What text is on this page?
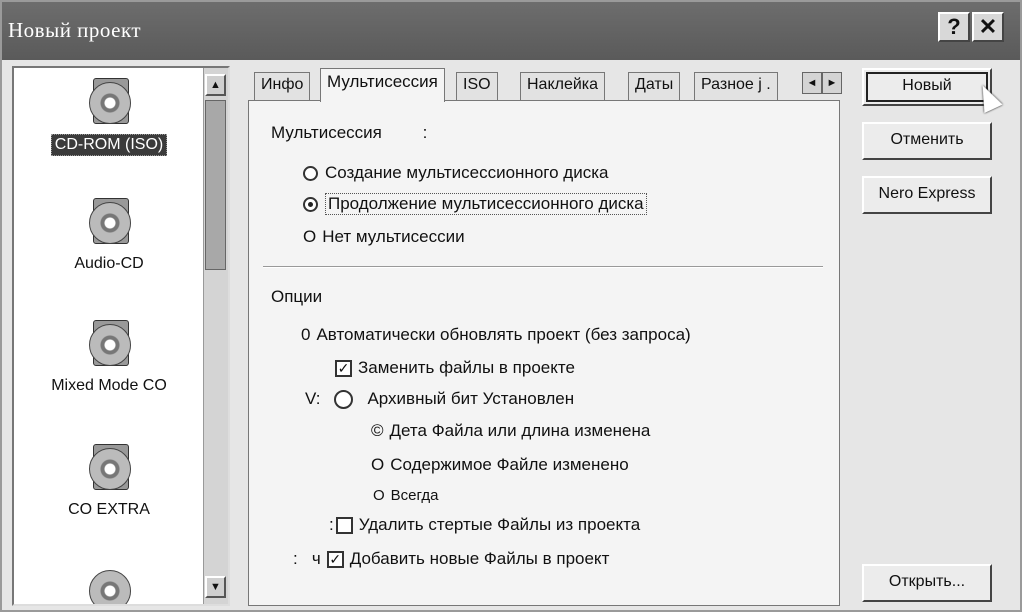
Новый проект	? ✕
CD-ROM (ISO)
Audio-CD
Mixed Mode CO
CO EXTRA
▲
▼
Инфо	Мультисессия	ISO	Наклейка	Даты	Разное j .	◄ ►
Мультисессия :
Создание мультисессионного диска
Продолжение мультисессионного диска
О Нет мультисессии
Опции
0 Автоматически обновлять проект (без запроса)
✓ Заменить файлы в проекте
V:	Архивный бит Установлен
© Дета Файла или длина изменена
О Содержимое Файле изменено
О Всегда
: Удалить стертые Файлы из проекта
:   ч ✓ Добавить новые Файлы в проект
Новый
Отменить
Nero Express
Открыть...
